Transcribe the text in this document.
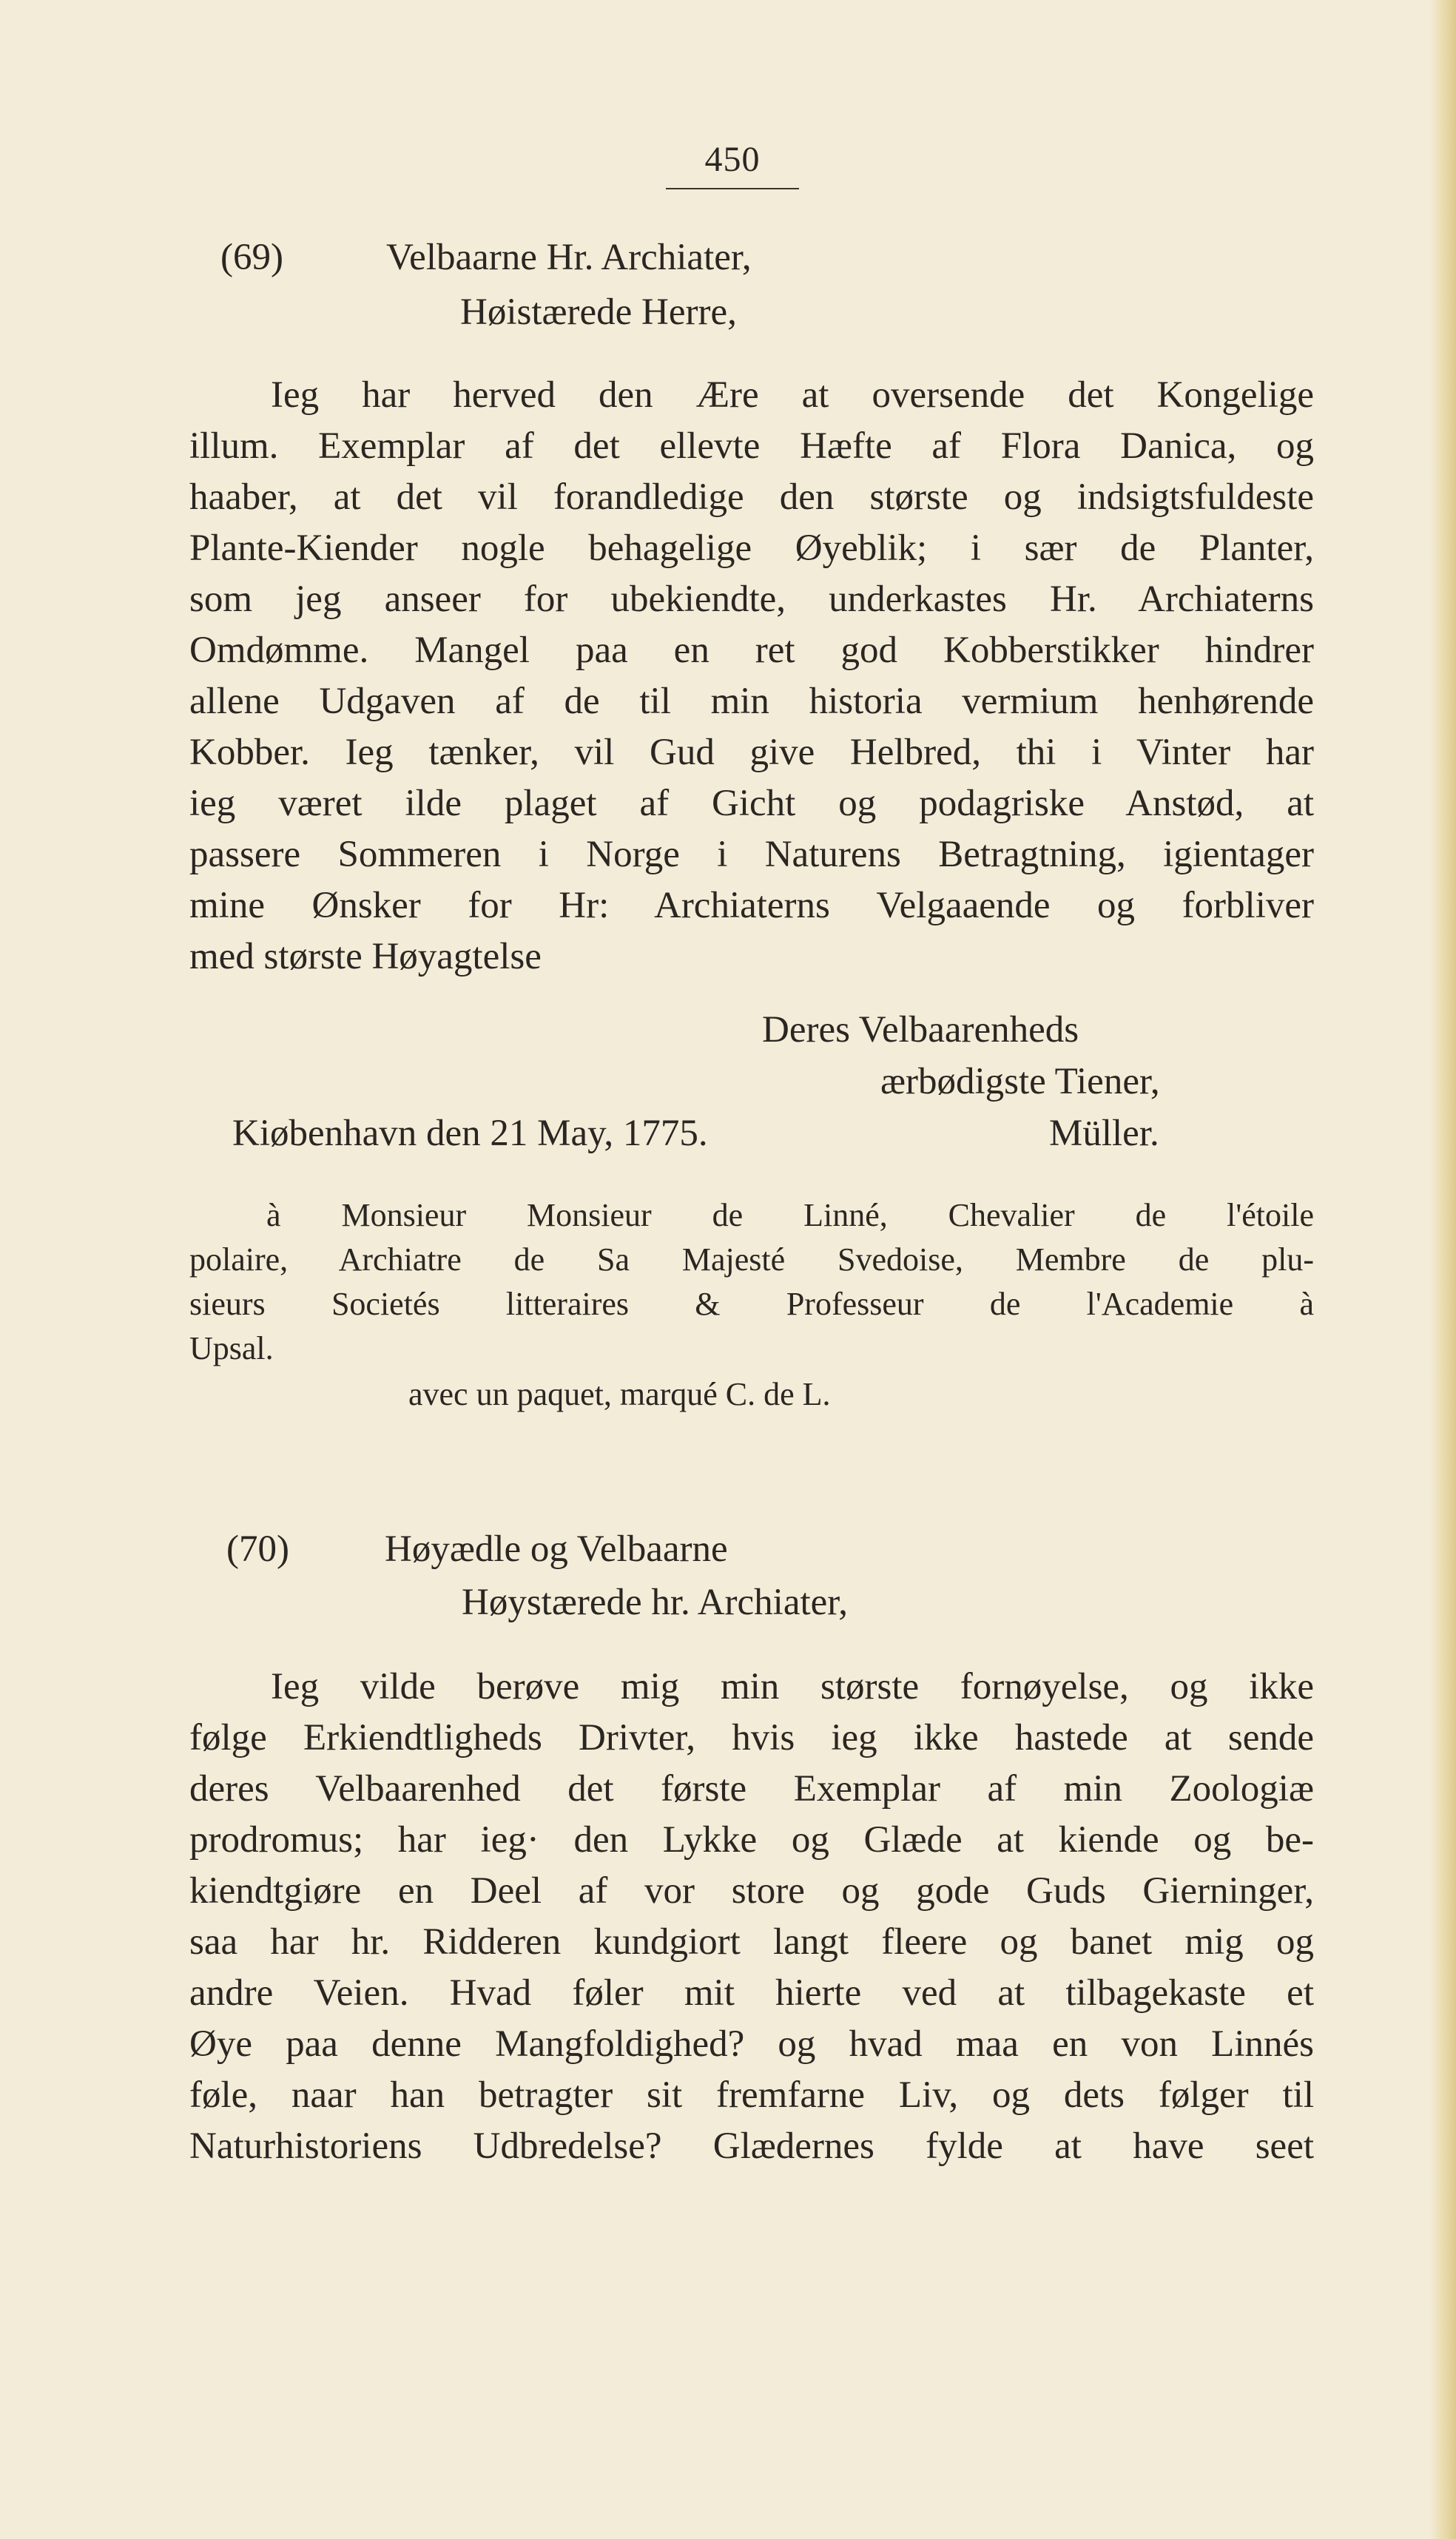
450
(69)	Velbaarne Hr. Archiater,
Høistærede Herre,
Ieg har herved den Ære at oversende det Kongelige
illum. Exemplar af det ellevte Hæfte af Flora Danica, og
haaber, at det vil forandledige den største og indsigtsfuldeste
Plante-Kiender nogle behagelige Øyeblik; i sær de Planter,
som jeg anseer for ubekiendte, underkastes Hr. Archiaterns
Omdømme. Mangel paa en ret god Kobberstikker hindrer
allene Udgaven af de til min historia vermium henhørende
Kobber. Ieg tænker, vil Gud give Helbred, thi i Vinter har
ieg været ilde plaget af Gicht og podagriske Anstød, at
passere Sommeren i Norge i Naturens Betragtning, igientager
mine Ønsker for Hr: Archiaterns Velgaaende og forbliver
med største Høyagtelse
Deres Velbaarenheds
ærbødigste Tiener,
Kiøbenhavn den 21 May, 1775.	Müller.
à Monsieur Monsieur de Linné, Chevalier de l'étoile
polaire, Archiatre de Sa Majesté Svedoise, Membre de plu-
sieurs Societés litteraires & Professeur de l'Academie à
Upsal.
avec un paquet, marqué C. de L.
(70)	Høyædle og Velbaarne
Høystærede hr. Archiater,
Ieg vilde berøve mig min største fornøyelse, og ikke
følge Erkiendtligheds Drivter, hvis ieg ikke hastede at sende
deres Velbaarenhed det første Exemplar af min Zoologiæ
prodromus; har ieg· den Lykke og Glæde at kiende og be-
kiendtgiøre en Deel af vor store og gode Guds Gierninger,
saa har hr. Ridderen kundgiort langt fleere og banet mig og
andre Veien. Hvad føler mit hierte ved at tilbagekaste et
Øye paa denne Mangfoldighed? og hvad maa en von Linnés
føle, naar han betragter sit fremfarne Liv, og dets følger til
Naturhistoriens Udbredelse? Glædernes fylde at have seet
